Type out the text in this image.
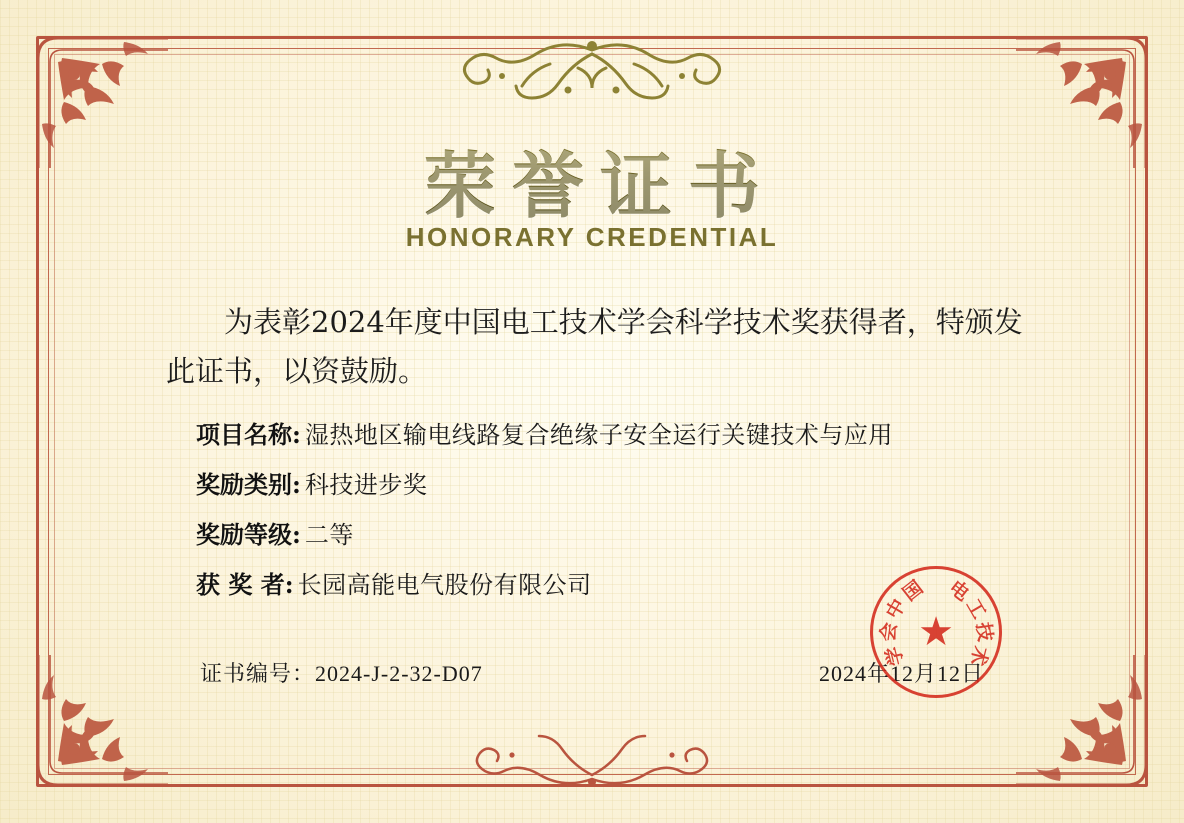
荣誉证书
HONORARY CREDENTIAL
为表彰2024年度中国电工技术学会科学技术奖获得者，特颁发此证书，以资鼓励。
项目名称 : 湿热地区输电线路复合绝缘子安全运行关键技术与应用
奖励类别 : 科技进步奖
奖励等级 : 二等
获 奖 者 : 长园高能电气股份有限公司
证书编号：2024-J-2-32-D07	2024年12月12日
★
电
工
技
术
学
会
中
国
